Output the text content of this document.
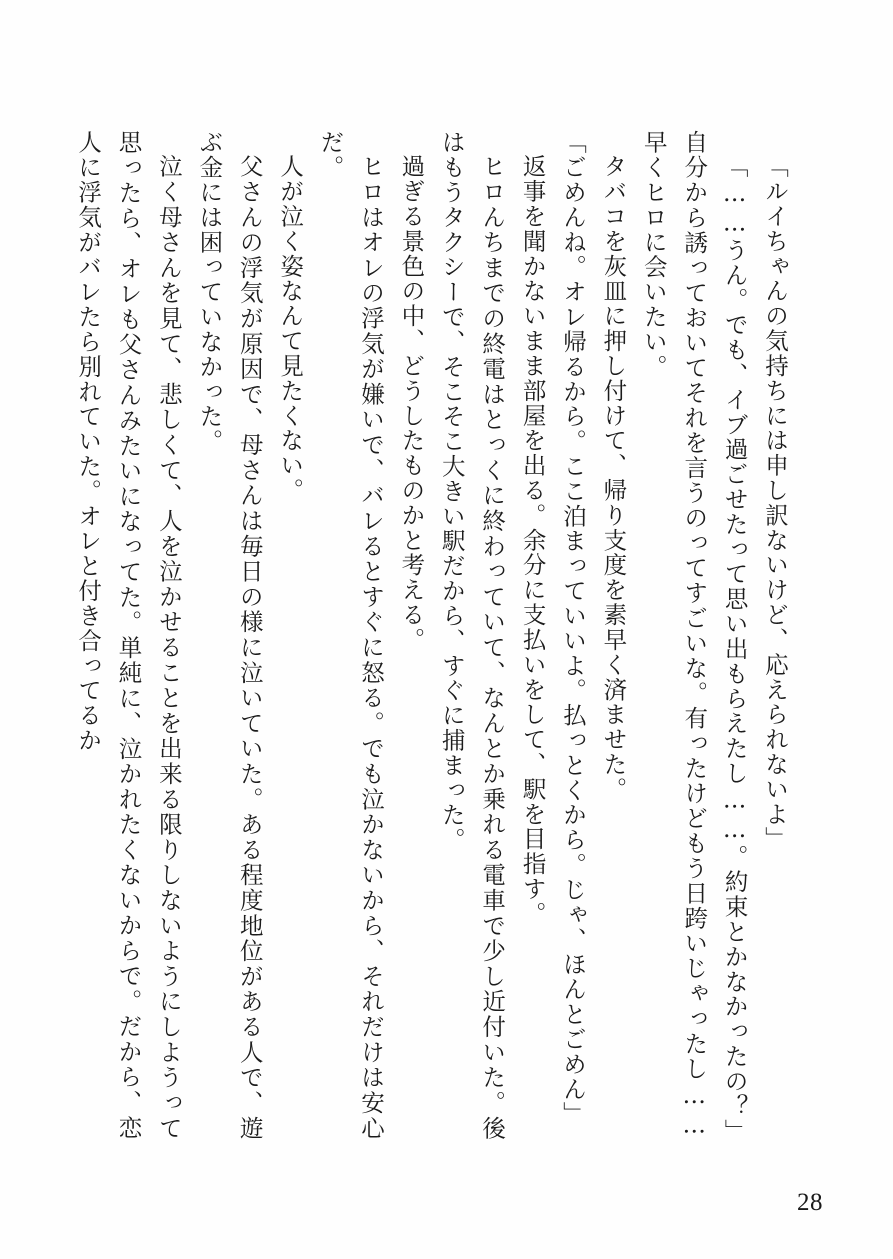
「ルイちゃんの気持ちには申し訳ないけど、応えられないよ」

「……うん。でも、イブ過ごせたって思い出もらえたし……。約束とかなかったの？」

自分から誘っておいてそれを言うのってすごいな。有ったけどもう日跨いじゃったし……早くヒロに会いたい。

タバコを灰皿に押し付けて、帰り支度を素早く済ませた。

「ごめんね。オレ帰るから。ここ泊まっていいよ。払っとくから。じゃ、ほんとごめん」

返事を聞かないまま部屋を出る。余分に支払いをして、駅を目指す。

ヒロんちまでの終電はとっくに終わっていて、なんとか乗れる電車で少し近付いた。後はもうタクシーで、そこそこ大きい駅だから、すぐに捕まった。

過ぎる景色の中、どうしたものかと考える。

ヒロはオレの浮気が嫌いで、バレるとすぐに怒る。でも泣かないから、それだけは安心だ。

人が泣く姿なんて見たくない。

父さんの浮気が原因で、母さんは毎日の様に泣いていた。ある程度地位がある人で、遊ぶ金には困っていなかった。

泣く母さんを見て、悲しくて、人を泣かせることを出来る限りしないようにしようって思ったら、オレも父さんみたいになってた。単純に、泣かれたくないからで。だから、恋人に浮気がバレたら別れていた。オレと付き合ってるか

28
